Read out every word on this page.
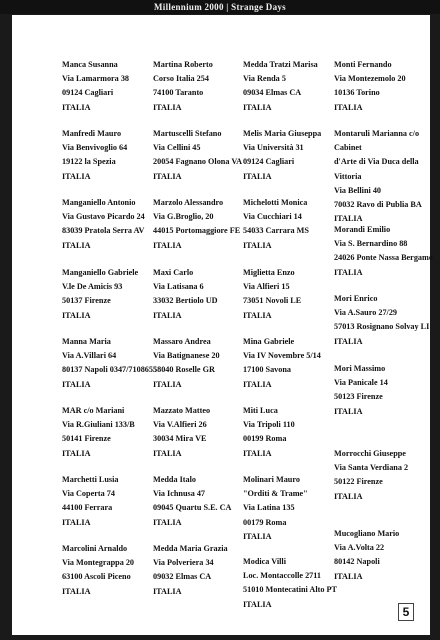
Millennium 2000 | Strange Days
Manca Susanna
Via Lamarmora 38
09124 Cagliari
ITALIA
Manfredi Mauro
Via Benvivoglio 64
19122 la Spezia
ITALIA
Manganiello Antonio
Via Gustavo Picardo 24
83039 Pratola Serra AV
ITALIA
Manganiello Gabriele
V.le De Amicis 93
50137 Firenze
ITALIA
Manna Maria
Via A.Villari 64
80137 Napoli 0347/7108655
ITALIA
MAR c/o Mariani
Via R.Giuliani 133/B
50141 Firenze
ITALIA
Marchetti Lusia
Via Coperta 74
44100 Ferrara
ITALIA
Marcolini Arnaldo
Via Montegrappa 20
63100 Ascoli Piceno
ITALIA
Martina Roberto
Corso Italia 254
74100 Taranto
ITALIA
Martuscelli Stefano
Via Cellini 45
20054 Fagnano Olona VA
ITALIA
Marzolo Alessandro
Via G.Broglio, 20
44015 Portomaggiore FE
ITALIA
Maxi Carlo
Via Latisana 6
33032 Bertiolo UD
ITALIA
Massaro Andrea
Via Batignanese 20
58040 Roselle GR
ITALIA
Mazzato Matteo
Via V.Alfieri 26
30034 Mira VE
ITALIA
Medda Italo
Via Ichnusa 47
09045 Quartu S.E. CA
ITALIA
Medda Maria Grazia
Via Polveriera 34
09032 Elmas CA
ITALIA
Medda Tratzi Marisa
Via Renda 5
09034 Elmas CA
ITALIA
Melis Maria Giuseppa
Via Università 31
09124 Cagliari
ITALIA
Michelotti Monica
Via Cucchiari 14
54033 Carrara MS
ITALIA
Miglietta Enzo
Via Alfieri 15
73051 Novoli LE
ITALIA
Mina Gabriele
Via IV Novembre 5/14
17100 Savona
ITALIA
Miti Luca
Via Tripoli 110
00199 Roma
ITALIA
Molinari Mauro
"Orditi & Trame"
Via Latina 135
00179 Roma
ITALIA
Modica Villi
Loc. Montaccolle 2711
51010 Montecatini Alto PT
ITALIA
Monti Fernando
Via Montezemolo 20
10136 Torino
ITALIA
Montaruli Marianna c/o
Cabinet
d'Arte di Via Duca della
Vittoria
Via Bellini 40
70032 Ravo di Publia BA
ITALIA
Morandi Emilio
Via S. Bernardino 88
24026 Ponte Nassa Bergamo
ITALIA
Mori Enrico
Via A.Sauro 27/29
57013 Rosignano Solvay LI
ITALIA
Mori Massimo
Via Panicale 14
50123 Firenze
ITALIA
Morrocchi Giuseppe
Via Santa Verdiana 2
50122 Firenze
ITALIA
Mucogliano Mario
Via A.Volta 22
80142 Napoli
ITALIA
5
